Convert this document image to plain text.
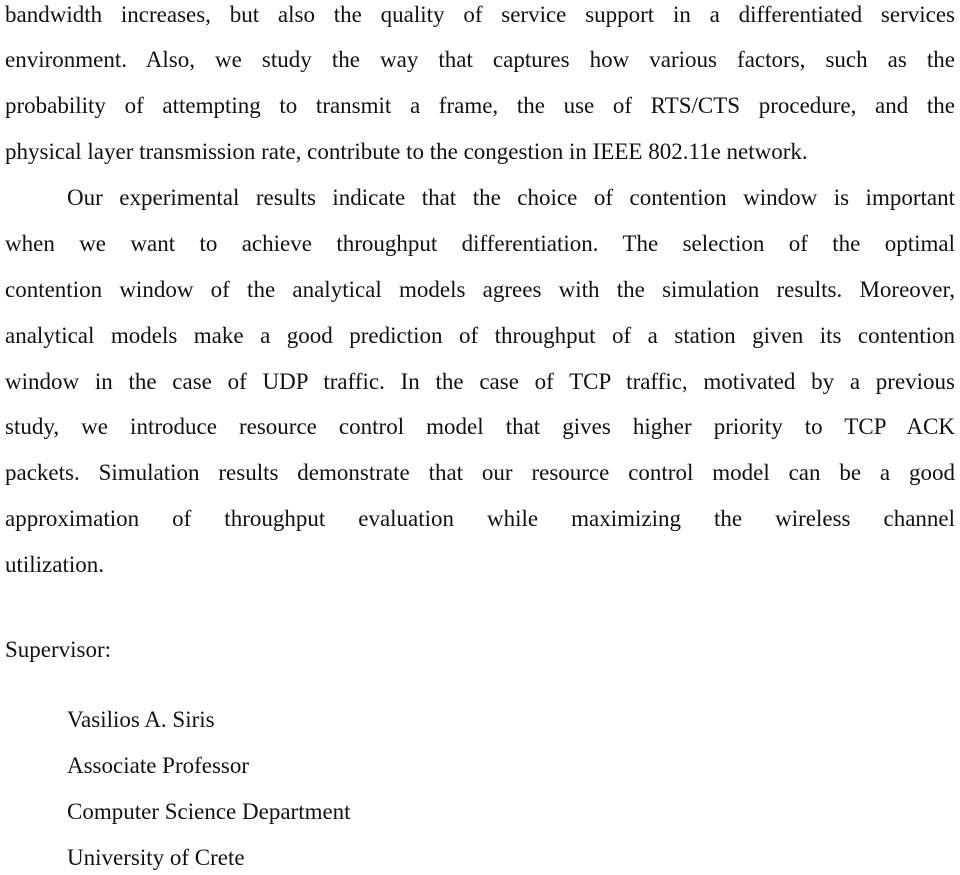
bandwidth increases, but also the quality of service support in a differentiated services
environment. Also, we study the way that captures how various factors, such as the
probability of attempting to transmit a frame, the use of RTS/CTS procedure, and the
physical layer transmission rate, contribute to the congestion in IEEE 802.11e network.
Our experimental results indicate that the choice of contention window is important
when we want to achieve throughput differentiation. The selection of the optimal
contention window of the analytical models agrees with the simulation results. Moreover,
analytical models make a good prediction of throughput of a station given its contention
window in the case of UDP traffic. In the case of TCP traffic, motivated by a previous
study, we introduce resource control model that gives higher priority to TCP ACK
packets. Simulation results demonstrate that our resource control model can be a good
approximation of throughput evaluation while maximizing the wireless channel
utilization.
Supervisor:
Vasilios A. Siris
Associate Professor
Computer Science Department
University of Crete
